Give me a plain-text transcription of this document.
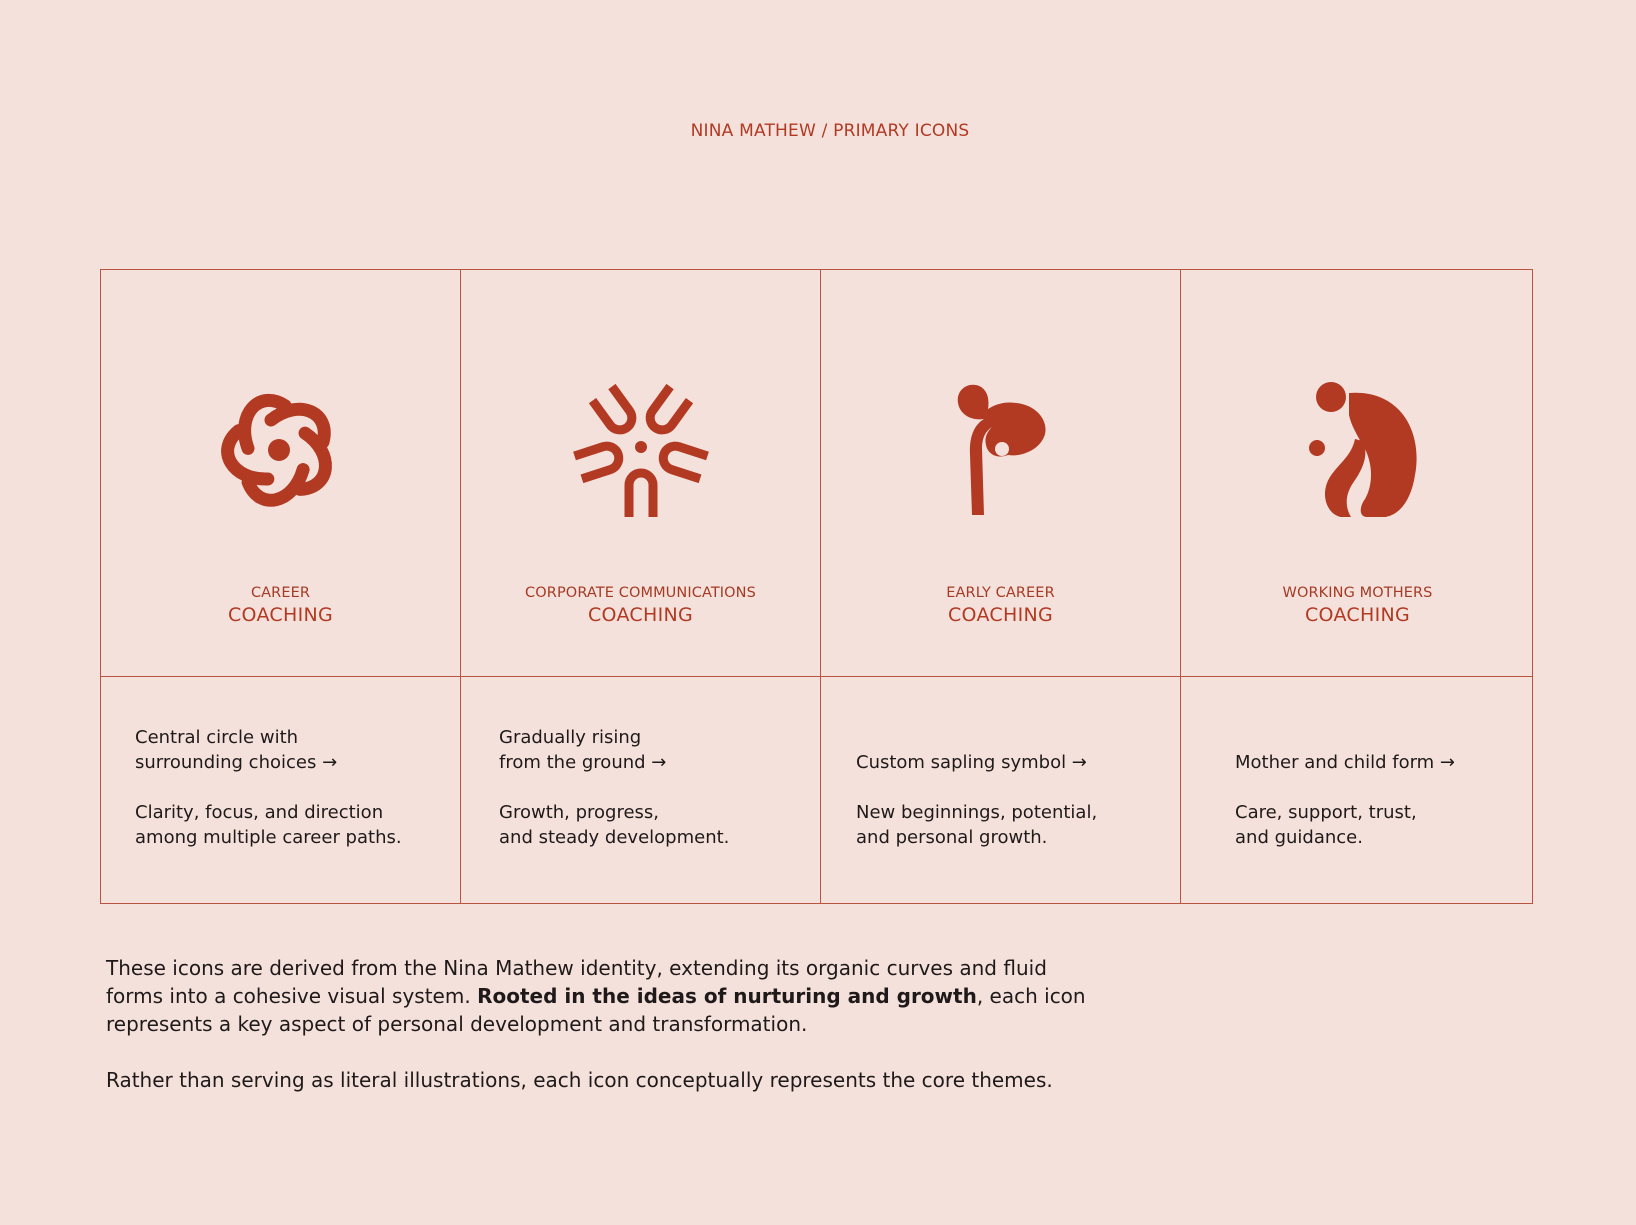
NINA MATHEW / PRIMARY ICONS
CAREER
COACHING
CORPORATE COMMUNICATIONS
COACHING
EARLY CAREER
COACHING
WORKING MOTHERS
COACHING
Central circle with
surrounding choices →
Clarity, focus, and direction
among multiple career paths.
Gradually rising
from the ground →
Growth, progress,
and steady development.
Custom sapling symbol →
New beginnings, potential,
and personal growth.
Mother and child form →
Care, support, trust,
and guidance.

These icons are derived from the Nina Mathew identity, extending its organic curves and fluid
forms into a cohesive visual system. Rooted in the ideas of nurturing and growth, each icon
represents a key aspect of personal development and transformation.

Rather than serving as literal illustrations, each icon conceptually represents the core themes.
